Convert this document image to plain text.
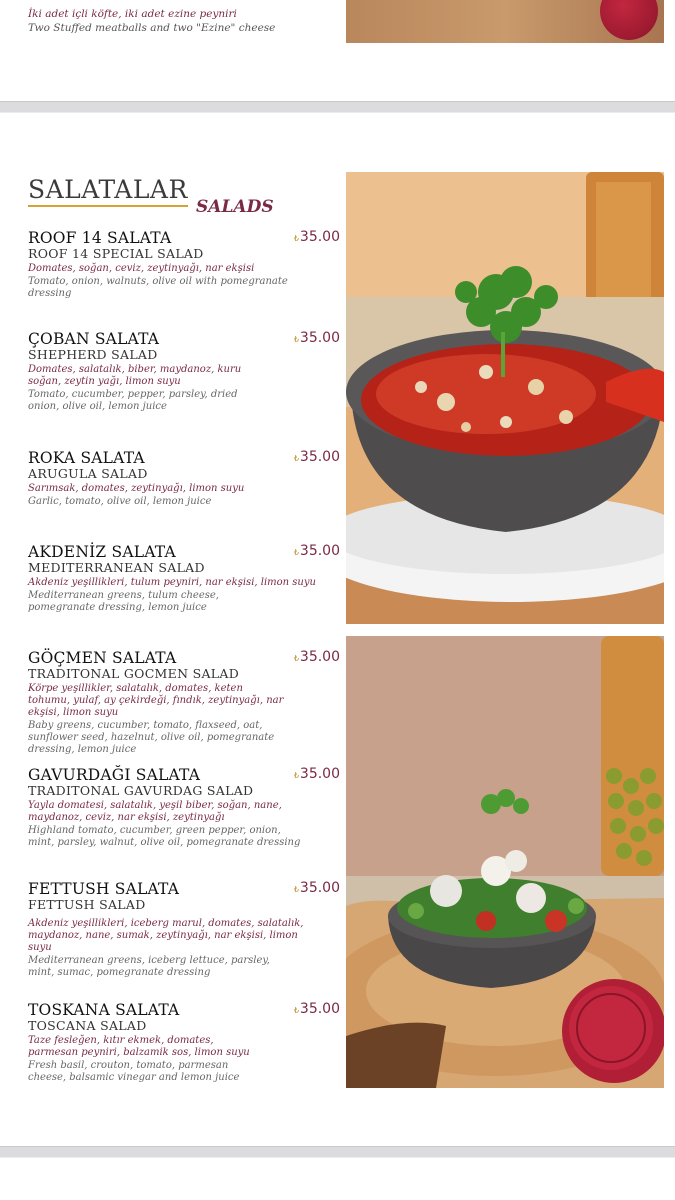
İki adet içli köfte, iki adet ezine peyniri
Two Stuffed meatballs and two "Ezine" cheese
SALATALAR
SALADS
ROOF 14 SALATA
ROOF 14 SPECIAL SALAD
Domates, soğan, ceviz, zeytinyağı, nar ekşisi
Tomato, onion, walnuts, olive oil with pomegranate dressing
₺35.00
ÇOBAN SALATA
SHEPHERD SALAD
Domates, salatalık, biber, maydanoz, kuru soğan, zeytin yağı, limon suyu
Tomato, cucumber, pepper, parsley, dried onion, olive oil, lemon juice
₺35.00
ROKA SALATA
ARUGULA SALAD
Sarımsak, domates, zeytinyağı, limon suyu
Garlic, tomato, olive oil, lemon juice
₺35.00
AKDENİZ SALATA
MEDITERRANEAN SALAD
Akdeniz yeşillikleri, tulum peyniri, nar ekşisi, limon suyu
Mediterranean greens, tulum cheese, pomegranate dressing, lemon juice
₺35.00
GÖÇMEN SALATA
TRADITONAL GOCMEN SALAD
Körpe yeşillikler, salatalık, domates, keten tohumu, yulaf, ay çekirdeği, fındık, zeytinyağı, nar ekşisi, limon suyu
Baby greens, cucumber, tomato, flaxseed, oat, sunflower seed, hazelnut, olive oil, pomegranate dressing, lemon juice
₺35.00
GAVURDAĞI SALATA
TRADITONAL GAVURDAG SALAD
Yayla domatesi, salatalık, yeşil biber, soğan, nane, maydanoz, ceviz, nar ekşisi, zeytinyağı
Highland tomato, cucumber, green pepper, onion, mint, parsley, walnut, olive oil, pomegranate dressing
₺35.00
FETTUSH SALATA
FETTUSH SALAD
Akdeniz yeşillikleri, iceberg marul, domates, salatalık, maydanoz, nane, sumak, zeytinyağı, nar ekşisi, limon suyu
Mediterranean greens, iceberg lettuce, parsley, mint, sumac, pomegranate dressing
₺35.00
TOSKANA SALATA
TOSCANA SALAD
Taze fesleğen, kıtır ekmek, domates, parmesan peyniri, balzamik sos, limon suyu
Fresh basil, crouton, tomato, parmesan cheese, balsamic vinegar and lemon juice
₺35.00
